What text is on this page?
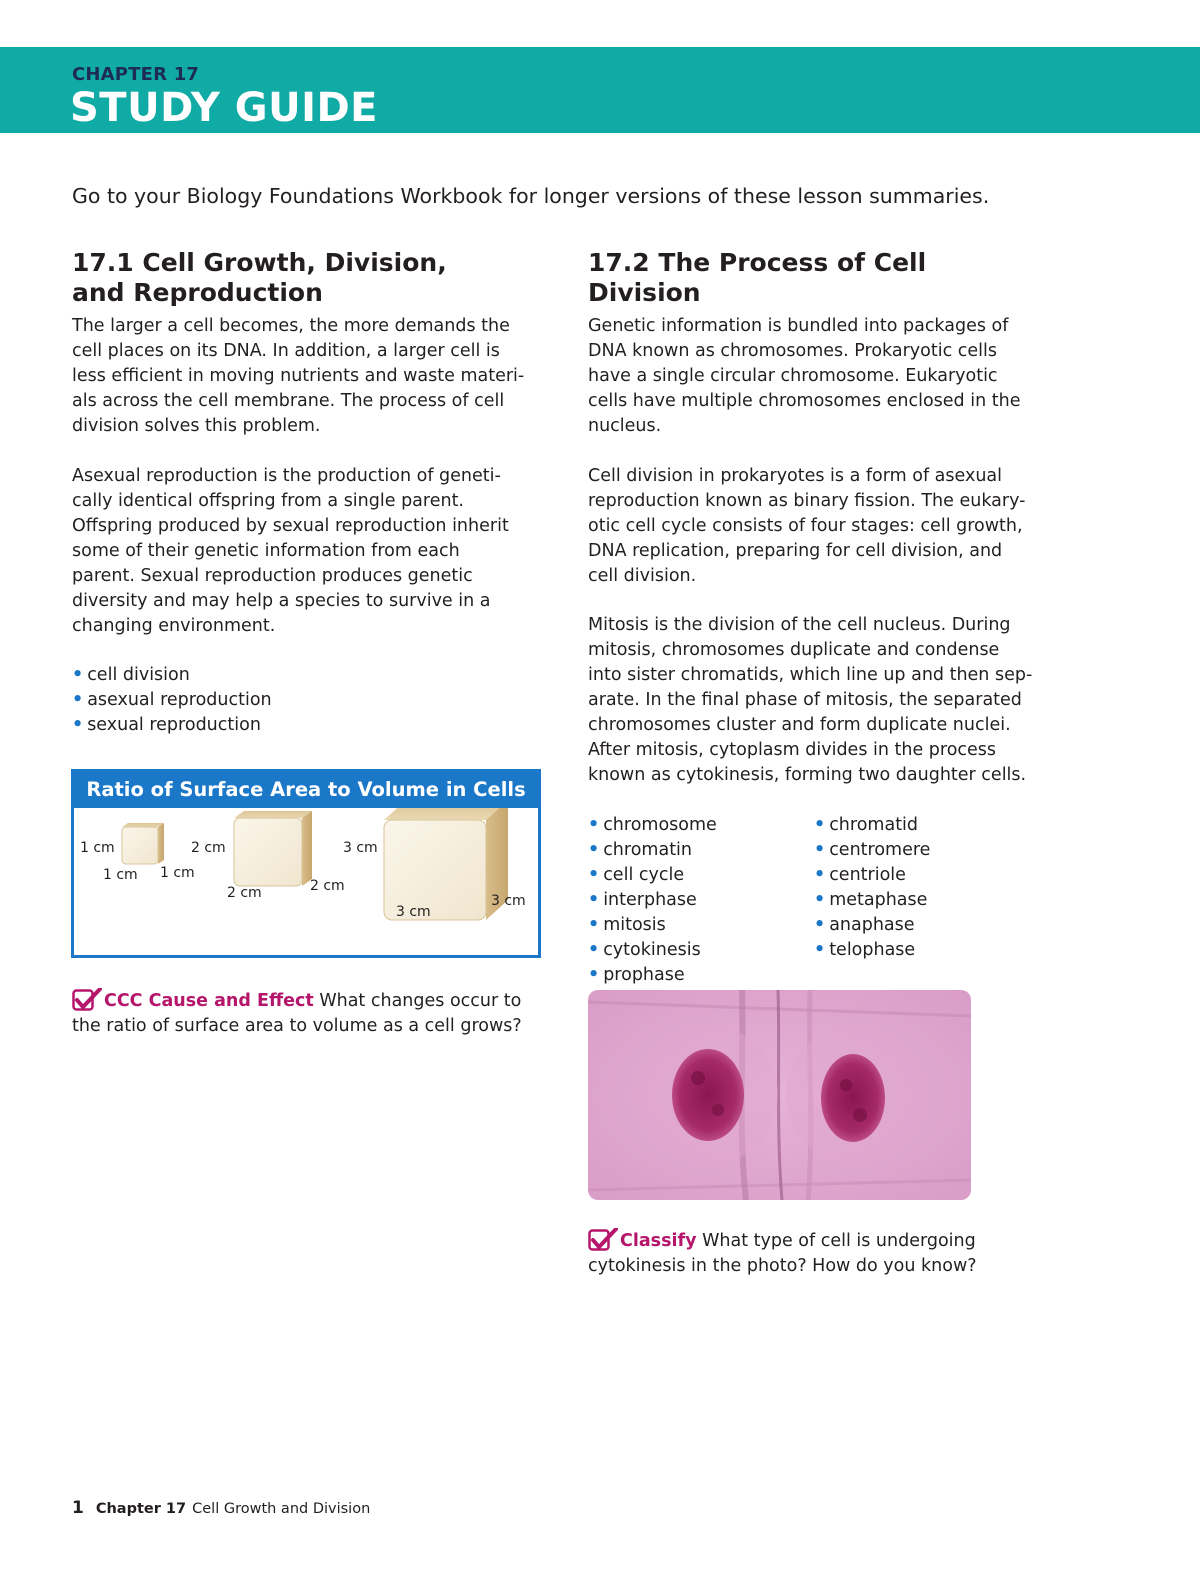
CHAPTER 17
STUDY GUIDE
Go to your Biology Foundations Workbook for longer versions of these lesson summaries.
17.1 Cell Growth, Division,
and Reproduction

The larger a cell becomes, the more demands the
cell places on its DNA. In addition, a larger cell is
less efficient in moving nutrients and waste materi-
als across the cell membrane. The process of cell
division solves this problem.

Asexual reproduction is the production of geneti-
cally identical offspring from a single parent.
Offspring produced by sexual reproduction inherit
some of their genetic information from each
parent. Sexual reproduction produces genetic
diversity and may help a species to survive in a
changing environment.

• cell division
• asexual reproduction
• sexual reproduction
Ratio of Surface Area to Volume in Cells
1 cm
1 cm 1 cm
2 cm
2 cm	2 cm
3 cm
3 cm
3 cm
CCC Cause and Effect What changes occur to
the ratio of surface area to volume as a cell grows?
17.2 The Process of Cell Division

Genetic information is bundled into packages of
DNA known as chromosomes. Prokaryotic cells
have a single circular chromosome. Eukaryotic
cells have multiple chromosomes enclosed in the
nucleus.

Cell division in prokaryotes is a form of asexual
reproduction known as binary fission. The eukary-
otic cell cycle consists of four stages: cell growth,
DNA replication, preparing for cell division, and
cell division.

Mitosis is the division of the cell nucleus. During
mitosis, chromosomes duplicate and condense
into sister chromatids, which line up and then sep-
arate. In the final phase of mitosis, the separated
chromosomes cluster and form duplicate nuclei.
After mitosis, cytoplasm divides in the process
known as cytokinesis, forming two daughter cells.

• chromosome
• chromatin
• cell cycle
• interphase
• mitosis
• cytokinesis
• prophase
• chromatid
• centromere
• centriole
• metaphase
• anaphase
• telophase
Classify What type of cell is undergoing
cytokinesis in the photo? How do you know?
1 Chapter 17 Cell Growth and Division
